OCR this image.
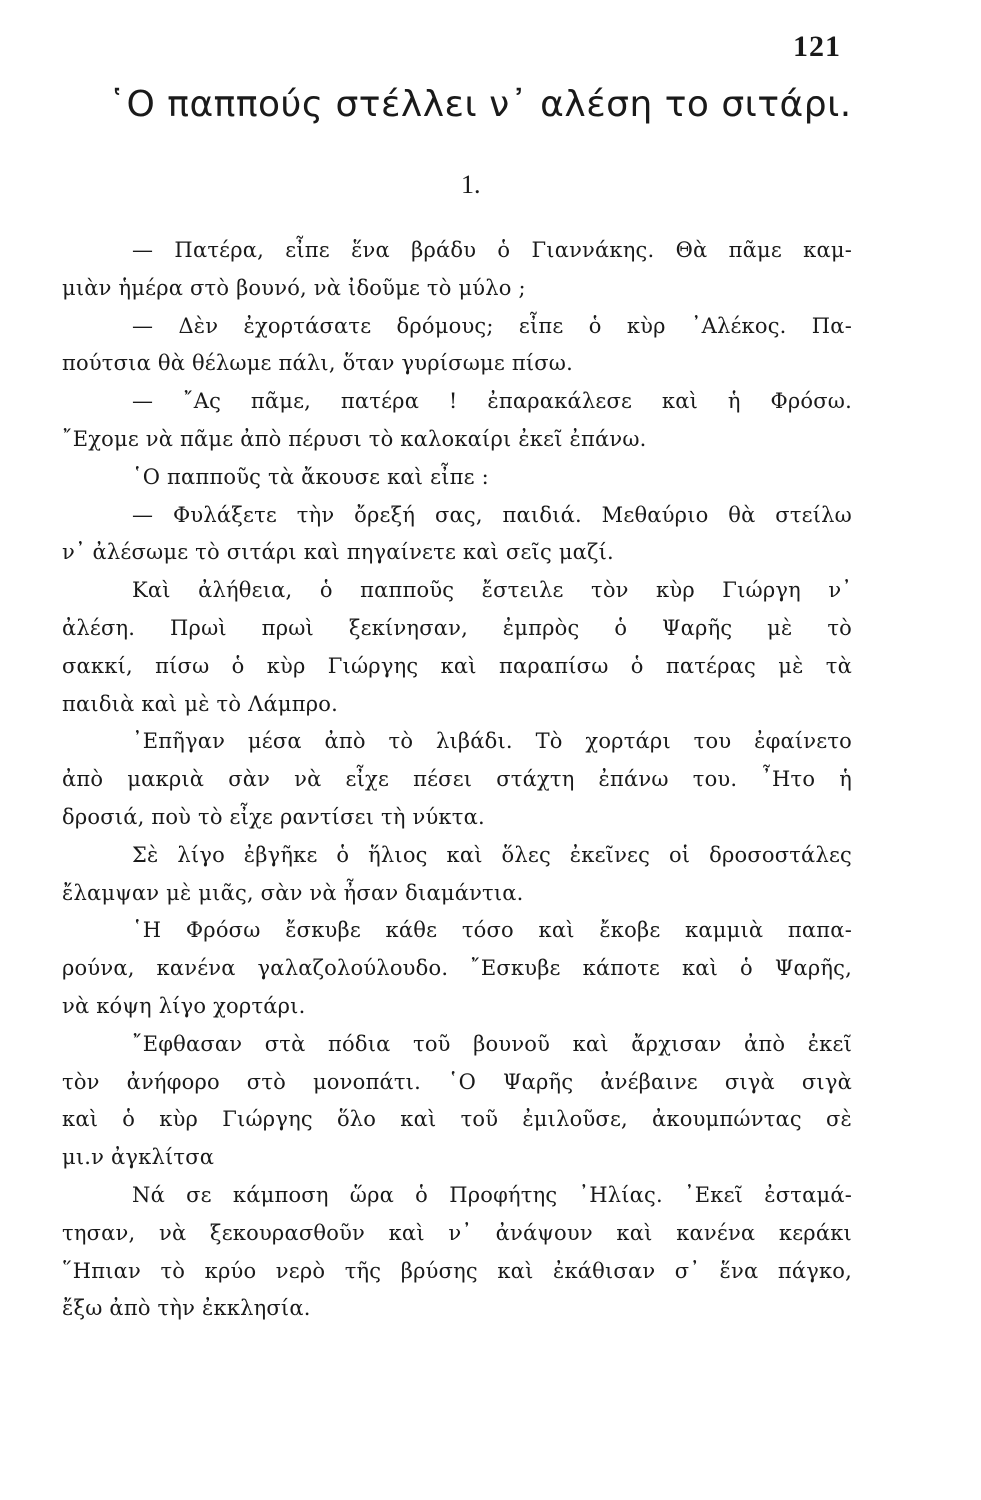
121
῾Ο παππούς στέλλει ν᾿ αλέση το σιτάρι.
1.
— Πατέρα, εἶπε ἕνα βράδυ ὁ Γιαννάκης. Θὰ πᾶμε καμ-
μιὰν ἡμέρα στὸ βουνό, νὰ ἰδοῦμε τὸ μύλο ;
— Δὲν ἐχορτάσατε δρόμους; εἶπε ὁ κὺρ ᾽Αλέκος. Πα-
πούτσια θὰ θέλωμε πάλι, ὅταν γυρίσωμε πίσω.
— ῎Ας πᾶμε, πατέρα ! ἐπαρακάλεσε καὶ ἡ Φρόσω.
῎Εχομε νὰ πᾶμε ἀπὸ πέρυσι τὸ καλοκαίρι ἐκεῖ ἐπάνω.
῾Ο παπποῦς τὰ ἄκουσε καὶ εἶπε :
— Φυλάξετε τὴν ὄρεξή σας, παιδιά. Μεθαύριο θὰ στείλω
ν᾽ ἀλέσωμε τὸ σιτάρι καὶ πηγαίνετε καὶ σεῖς μαζί.
Καὶ ἀλήθεια, ὁ παπποῦς ἔστειλε τὸν κὺρ Γιώργη ν᾽
ἀλέση. Πρωὶ πρωὶ ξεκίνησαν, ἐμπρὸς ὁ Ψαρῆς μὲ τὸ
σακκί, πίσω ὁ κὺρ Γιώργης καὶ παραπίσω ὁ πατέρας μὲ τὰ
παιδιὰ καὶ μὲ τὸ Λάμπρο.
᾽Επῆγαν μέσα ἀπὸ τὸ λιβάδι. Τὸ χορτάρι του ἐφαίνετο
ἀπὸ μακριὰ σὰν νὰ εἶχε πέσει στάχτη ἐπάνω του. ῏Ητο ἡ
δροσιά, ποὺ τὸ εἶχε ραντίσει τὴ νύκτα.
Σὲ λίγο ἐβγῆκε ὁ ἥλιος καὶ ὅλες ἐκεῖνες οἱ δροσοστάλες
ἔλαμψαν μὲ μιᾶς, σὰν νὰ ἦσαν διαμάντια.
῾Η Φρόσω ἔσκυβε κάθε τόσο καὶ ἔκοβε καμμιὰ παπα-
ρούνα, κανένα γαλαζολούλουδο. ῎Εσκυβε κάποτε καὶ ὁ Ψαρῆς,
νὰ κόψη λίγο χορτάρι.
῎Εφθασαν στὰ πόδια τοῦ βουνοῦ καὶ ἄρχισαν ἀπὸ ἐκεῖ
τὸν ἀνήφορο στὸ μονοπάτι. ῾Ο Ψαρῆς ἀνέβαινε σιγὰ σιγὰ
καὶ ὁ κὺρ Γιώργης ὅλο καὶ τοῦ ἐμιλοῦσε, ἀκουμπώντας σὲ
μι.ν ἀγκλίτσα
Νά σε κάμποση ὥρα ὁ Προφήτης ᾽Ηλίας. ᾽Εκεῖ ἐσταμά-
τησαν, νὰ ξεκουρασθοῦν καὶ ν᾽ ἀνάψουν καὶ κανένα κεράκι
῞Ηπιαν τὸ κρύο νερὸ τῆς βρύσης καὶ ἐκάθισαν σ᾽ ἕνα πάγκο,
ἔξω ἀπὸ τὴν ἐκκλησία.
